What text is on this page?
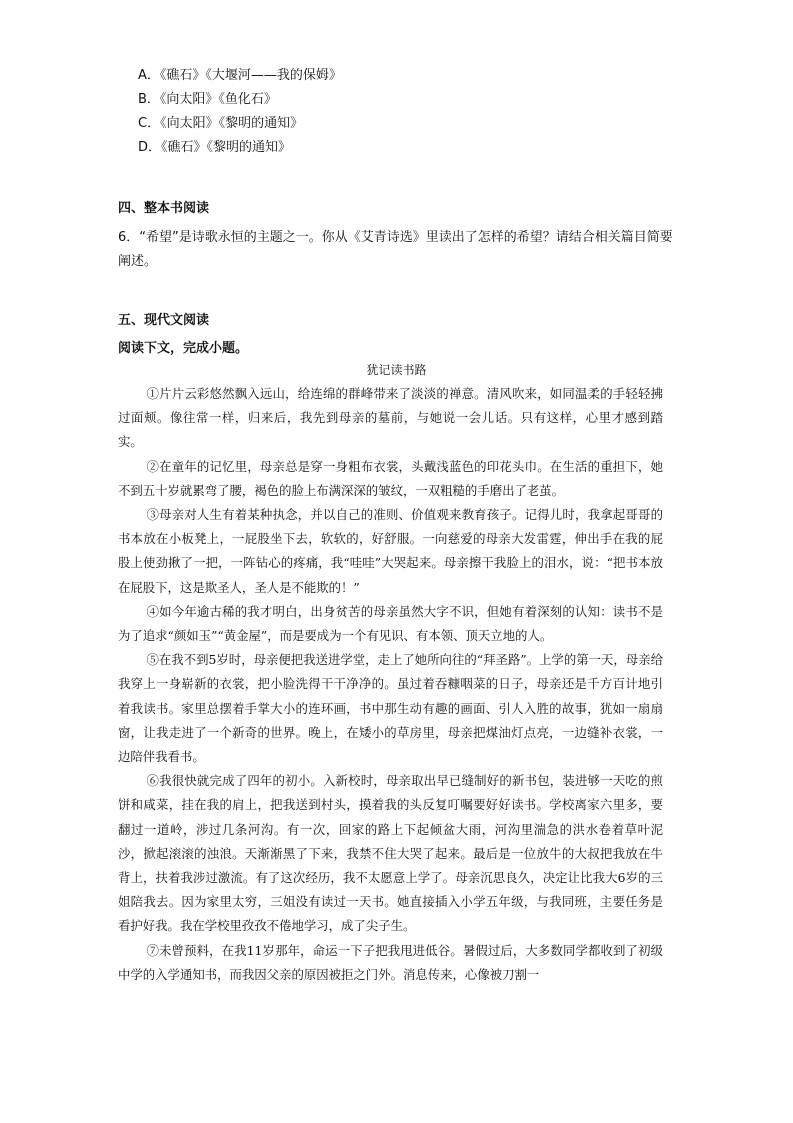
A．《礁石》《大堰河——我的保姆》
B．《向太阳》《鱼化石》
C．《向太阳》《黎明的通知》
D．《礁石》《黎明的通知》
四、整本书阅读
6．“希望”是诗歌永恒的主题之一。你从《艾青诗选》里读出了怎样的希望？请结合相关篇目简要阐述。
五、现代文阅读
阅读下文，完成小题。
犹记读书路

①片片云彩悠然飘入远山，给连绵的群峰带来了淡淡的禅意。清风吹来，如同温柔的手轻轻拂过面颊。像往常一样，归来后，我先到母亲的墓前，与她说一会儿话。只有这样，心里才感到踏实。

②在童年的记忆里，母亲总是穿一身粗布衣裳，头戴浅蓝色的印花头巾。在生活的重担下，她不到五十岁就累弯了腰，褐色的脸上布满深深的皱纹，一双粗糙的手磨出了老茧。

③母亲对人生有着某种执念，并以自己的准则、价值观来教育孩子。记得儿时，我拿起哥哥的书本放在小板凳上，一屁股坐下去，软软的，好舒服。一向慈爱的母亲大发雷霆，伸出手在我的屁股上使劲揪了一把，一阵钻心的疼痛，我“哇哇”大哭起来。母亲擦干我脸上的泪水，说：“把书本放在屁股下，这是欺圣人，圣人是不能欺的！”

④如今年逾古稀的我才明白，出身贫苦的母亲虽然大字不识，但她有着深刻的认知：读书不是为了追求“颜如玉”“黄金屋”，而是要成为一个有见识、有本领、顶天立地的人。

⑤在我不到5岁时，母亲便把我送进学堂，走上了她所向往的“拜圣路”。上学的第一天，母亲给我穿上一身崭新的衣裳，把小脸洗得干干净净的。虽过着吞糠咽菜的日子，母亲还是千方百计地引着我读书。家里总摆着手掌大小的连环画，书中那生动有趣的画面、引人入胜的故事，犹如一扇扇窗，让我走进了一个新奇的世界。晚上，在矮小的草房里，母亲把煤油灯点亮，一边缝补衣裳，一边陪伴我看书。

⑥我很快就完成了四年的初小。入新校时，母亲取出早已缝制好的新书包，装进够一天吃的煎饼和咸菜，挂在我的肩上，把我送到村头，摸着我的头反复叮嘱要好好读书。学校离家六里多，要翻过一道岭，涉过几条河沟。有一次，回家的路上下起倾盆大雨，河沟里湍急的洪水卷着草叶泥沙，掀起滚滚的浊浪。天渐渐黑了下来，我禁不住大哭了起来。最后是一位放牛的大叔把我放在牛背上，扶着我涉过激流。有了这次经历，我不太愿意上学了。母亲沉思良久，决定让比我大6岁的三姐陪我去。因为家里太穷，三姐没有读过一天书。她直接插入小学五年级，与我同班，主要任务是看护好我。我在学校里孜孜不倦地学习，成了尖子生。

⑦未曾预料，在我11岁那年，命运一下子把我甩进低谷。暑假过后，大多数同学都收到了初级中学的入学通知书，而我因父亲的原因被拒之门外。消息传来，心像被刀割一
